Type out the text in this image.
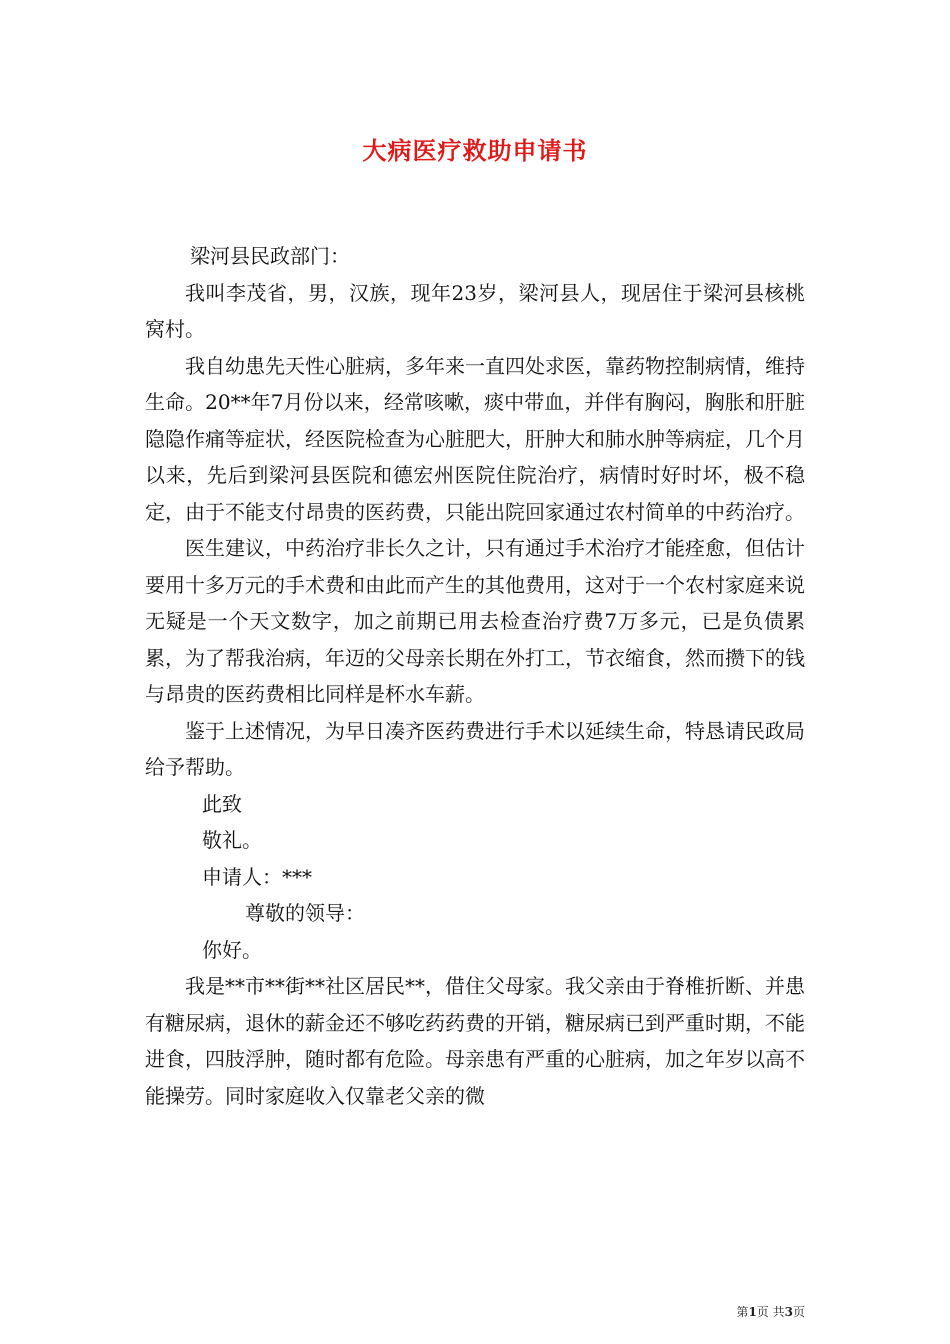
大病医疗救助申请书

梁河县民政部门：

我叫李茂省，男，汉族，现年23岁，梁河县人，现居住于梁河县核桃窝村。

我自幼患先天性心脏病，多年来一直四处求医，靠药物控制病情，维持生命。20**年7月份以来，经常咳嗽，痰中带血，并伴有胸闷，胸胀和肝脏隐隐作痛等症状，经医院检查为心脏肥大，肝肿大和肺水肿等病症，几个月以来，先后到梁河县医院和德宏州医院住院治疗，病情时好时坏，极不稳定，由于不能支付昂贵的医药费，只能出院回家通过农村简单的中药治疗。

医生建议，中药治疗非长久之计，只有通过手术治疗才能痊愈，但估计要用十多万元的手术费和由此而产生的其他费用，这对于一个农村家庭来说无疑是一个天文数字，加之前期已用去检查治疗费7万多元，已是负债累累，为了帮我治病，年迈的父母亲长期在外打工，节衣缩食，然而攒下的钱与昂贵的医药费相比同样是杯水车薪。

鉴于上述情况，为早日凑齐医药费进行手术以延续生命，特恳请民政局给予帮助。

此致

敬礼。

申请人：***

尊敬的领导：

你好。

我是**市**街**社区居民**，借住父母家。我父亲由于脊椎折断、并患有糖尿病，退休的薪金还不够吃药药费的开销，糖尿病已到严重时期，不能进食，四肢浮肿，随时都有危险。母亲患有严重的心脏病，加之年岁以高不能操劳。同时家庭收入仅靠老父亲的微

第1页 共3页
